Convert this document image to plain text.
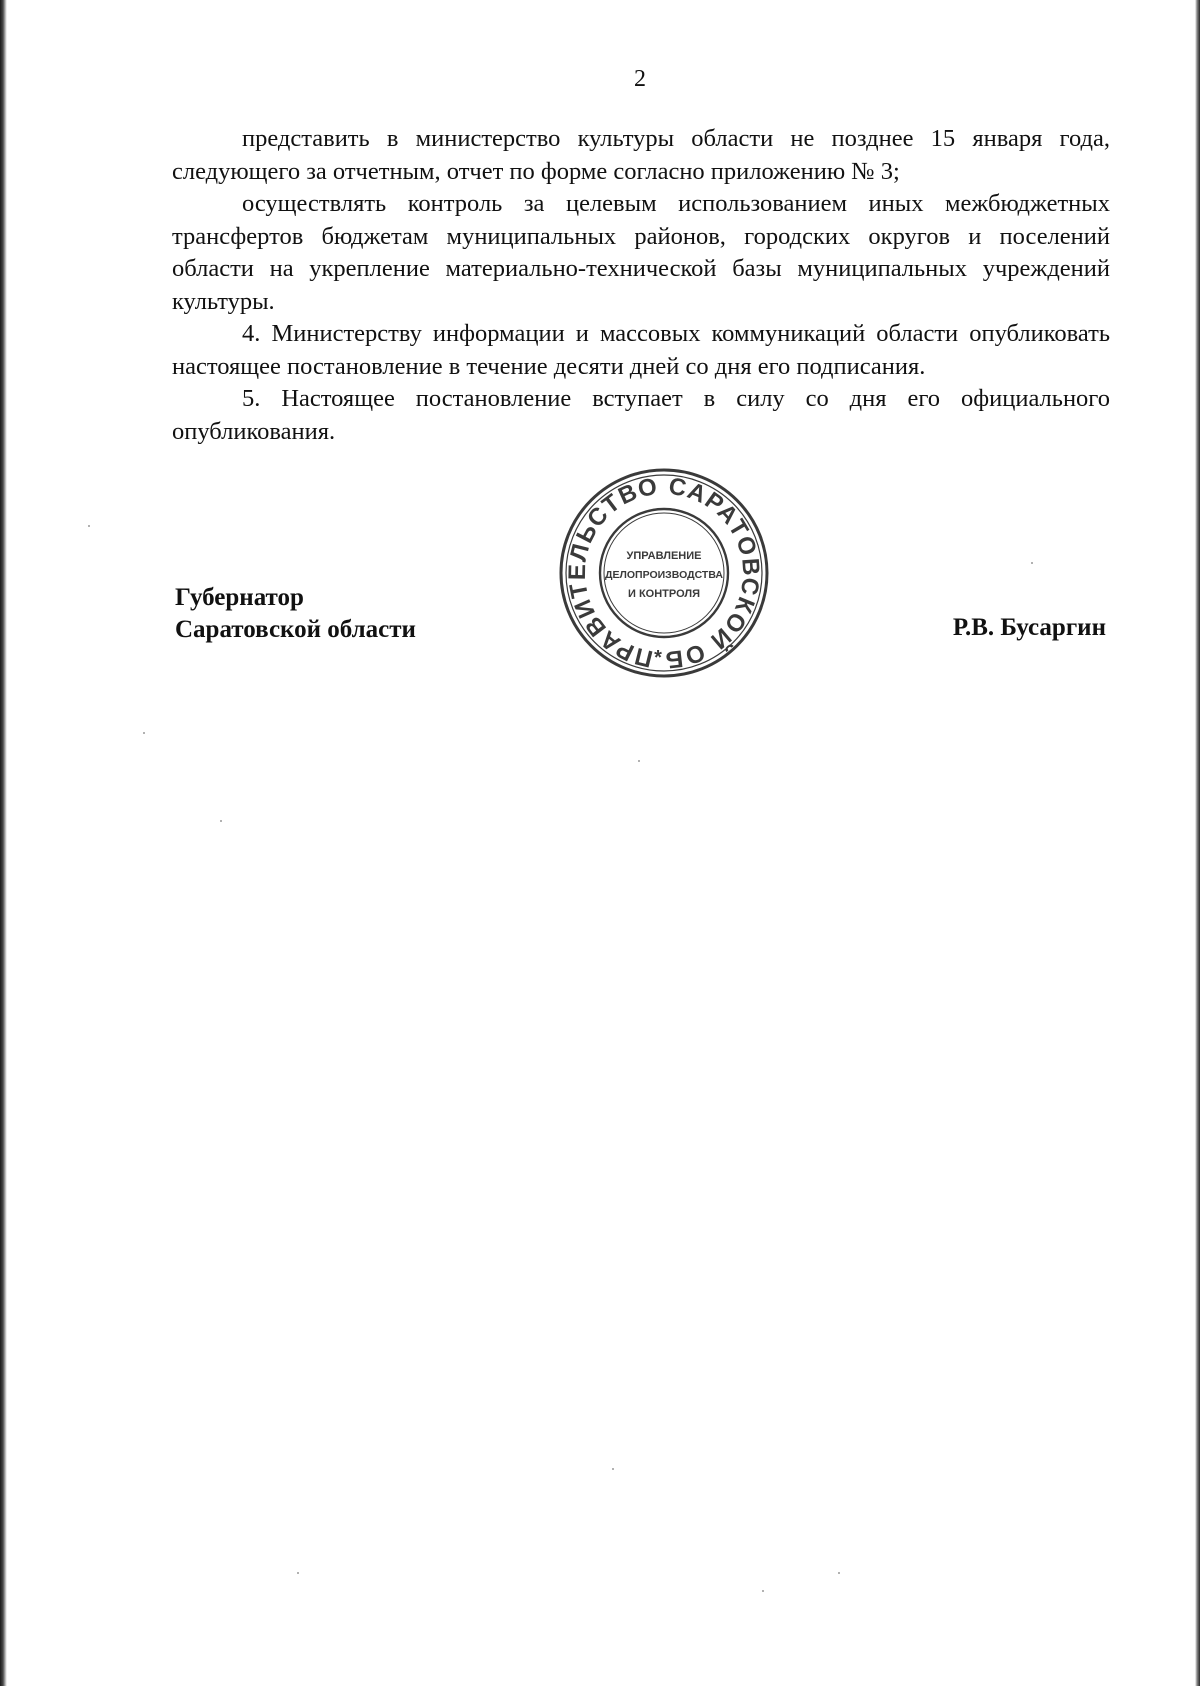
2

представить в министерство культуры области не позднее 15 января года, следующего за отчетным, отчет по форме согласно приложению № 3;

осуществлять контроль за целевым использованием иных межбюджетных трансфертов бюджетам муниципальных районов, городских округов и поселений области на укрепление материально-технической базы муниципальных учреждений культуры.

4. Министерству информации и массовых коммуникаций области опубликовать настоящее постановление в течение десяти дней со дня его подписания.

5. Настоящее постановление вступает в силу со дня его официального опубликования.

Губернатор
Саратовской области	Р.В. Бусаргин
ПРАВИТЕЛЬСТВО САРАТОВСКОЙ ОБ
УПРАВЛЕНИЕ
ДЕЛОПРОИЗВОДСТВА
И КОНТРОЛЯ
*
